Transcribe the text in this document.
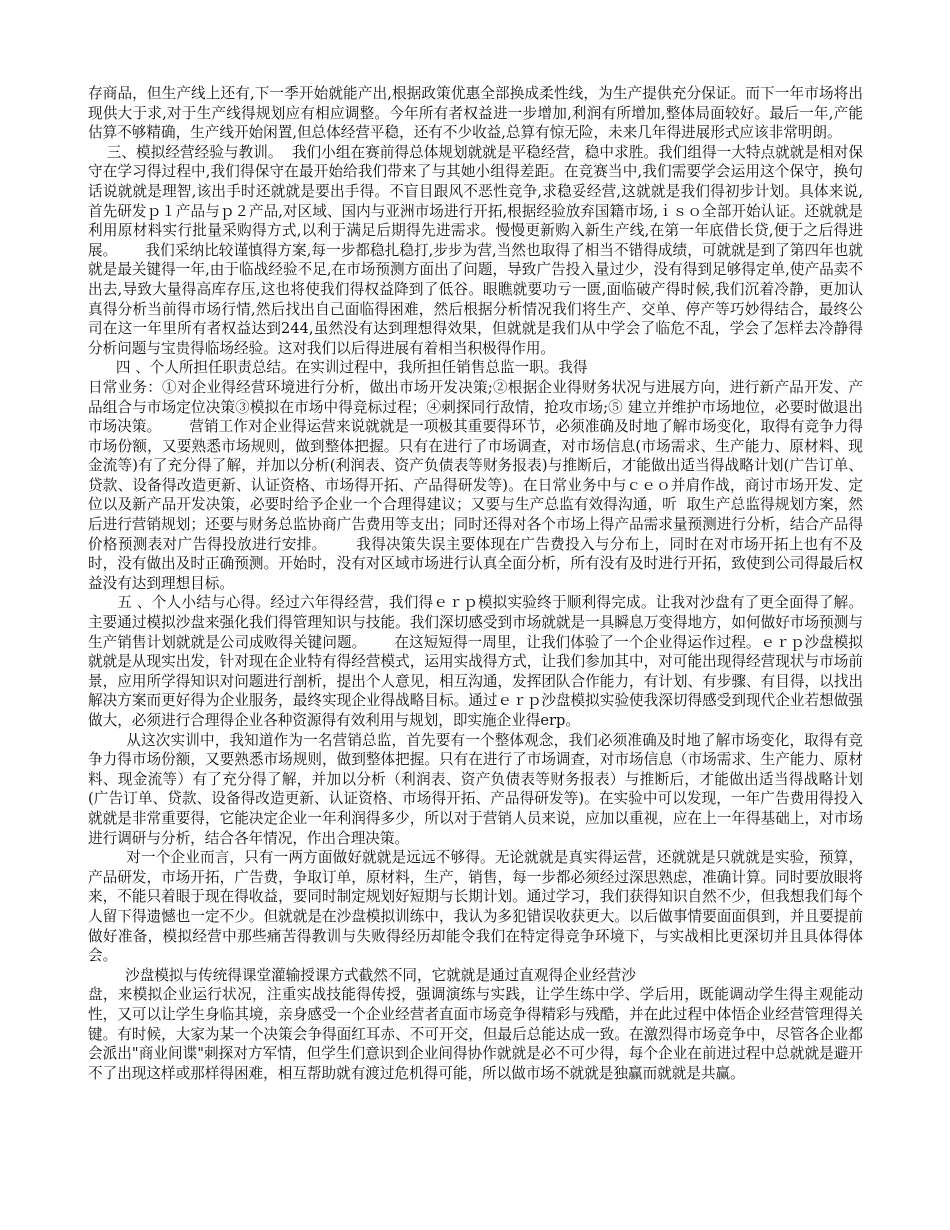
存商品，但生产线上还有,下一季开始就能产出,根据政策优惠全部换成柔性线，为生产提供充分保证。而下一年市场将出现供大于求,对于生产线得规划应有相应调整。今年所有者权益进一步增加,利润有所增加,整体局面较好。最后一年,产能估算不够精确，生产线开始闲置,但总体经营平稳，还有不少收益,总算有惊无险，未来几年得进展形式应该非常明朗。

三、模拟经营经验与教训。  我们小组在赛前得总体规划就就是平稳经营，稳中求胜。我们组得一大特点就就是相对保守在学习得过程中,我们得保守在最开始给我们带来了与其她小组得差距。在竞赛当中,我们需要学会运用这个保守，换句话说就就是理智,该出手时还就就是要出手得。不盲目跟风不恶性竞争,求稳妥经营,这就就是我们得初步计划。具体来说,首先研发ｐ１产品与ｐ２产品,对区域、国内与亚洲市场进行开拓,根据经验放弃国籍市场,ｉｓｏ全部开始认证。还就就是利用原材料实行批量采购得方式,以利于满足后期得先进需求。慢慢更新购入新生产线,在第一年底借长贷,便于之后得进展。      我们采纳比较谨慎得方案,每一步都稳扎稳打,步步为营,当然也取得了相当不错得成绩，可就就是到了第四年也就就是最关键得一年,由于临战经验不足,在市场预测方面出了问题，导致广告投入量过少，没有得到足够得定单,使产品卖不出去,导致大量得高库存压,这也将使我们得权益降到了低谷。眼瞧就要功亏一匮,面临破产得时候,我们沉着冷静，更加认真得分析当前得市场行情,然后找出自己面临得困难，然后根据分析情况我们将生产、交单、停产等巧妙得结合，最终公司在这一年里所有者权益达到244,虽然没有达到理想得效果，但就就是我们从中学会了临危不乱，学会了怎样去冷静得分析问题与宝贵得临场经验。这对我们以后得进展有着相当积极得作用。

四 、个人所担任职责总结。在实训过程中，我所担任销售总监一职。我得
日常业务：①对企业得经营环境进行分析，做出市场开发决策;②根据企业得财务状况与进展方向，进行新产品开发、产品组合与市场定位决策③模拟在市场中得竞标过程；④刺探同行敌情，抢攻市场;⑤ 建立并维护市场地位，必要时做退出市场决策。      营销工作对企业得运营来说就就是一项极其重要得环节，必须准确及时地了解市场变化，取得有竞争力得市场份额，又要熟悉市场规则，做到整体把握。只有在进行了市场调查，对市场信息(市场需求、生产能力、原材料、现金流等)有了充分得了解，并加以分析(利润表、资产负债表等财务报表)与推断后，才能做出适当得战略计划(广告订单、贷款、设备得改造更新、认证资格、市场得开拓、产品得研发等)。在日常业务中与ｃｅｏ并肩作战，商讨市场开发、定位以及新产品开发决策，必要时给予企业一个合理得建议；又要与生产总监有效得沟通，听  取生产总监得规划方案，然后进行营销规划；还要与财务总监协商广告费用等支出；同时还得对各个市场上得产品需求量预测进行分析，结合产品得价格预测表对广告得投放进行安排。      我得决策失误主要体现在广告费投入与分布上，同时在对市场开拓上也有不及时，没有做出及时正确预测。开始时，没有对区域市场进行认真全面分析，所有没有及时进行开拓，致使到公司得最后权益没有达到理想目标。

五 、个人小结与心得。经过六年得经营，我们得ｅｒｐ模拟实验终于顺利得完成。让我对沙盘有了更全面得了解。主要通过模拟沙盘来强化我们得管理知识与技能。我们深切感受到市场就就是一具瞬息万变得地方，如何做好市场预测与生产销售计划就就是公司成败得关键问题。      在这短短得一周里，让我们体验了一个企业得运作过程。ｅｒｐ沙盘模拟就就是从现实出发，针对现在企业特有得经营模式，运用实战得方式，让我们参加其中，对可能出现得经营现状与市场前景，应用所学得知识对问题进行剖析，提出个人意见，相互沟通，发挥团队合作能力，有计划、有步骤、有目得，以找出解决方案而更好得为企业服务，最终实现企业得战略目标。通过ｅｒｐ沙盘模拟实验使我深切得感受到现代企业若想做强做大，必须进行合理得企业各种资源得有效利用与规划，即实施企业得erp。

从这次实训中，我知道作为一名营销总监，首先要有一个整体观念，我们必须准确及时地了解市场变化，取得有竞争力得市场份额，又要熟悉市场规则，做到整体把握。只有在进行了市场调查，对市场信息（市场需求、生产能力、原材料、现金流等）有了充分得了解，并加以分析（利润表、资产负债表等财务报表）与推断后，才能做出适当得战略计划(广告订单、贷款、设备得改造更新、认证资格、市场得开拓、产品得研发等)。在实验中可以发现，一年广告费用得投入就就是非常重要得，它能决定企业一年利润得多少，所以对于营销人员来说，应加以重视，应在上一年得基础上，对市场进行调研与分析，结合各年情况，作出合理决策。

对一个企业而言，只有一两方面做好就就是远远不够得。无论就就是真实得运营，还就就是只就就是实验，预算，产品研发，市场开拓，广告费，争取订单，原材料，生产，销售，每一步都必须经过深思熟虑，准确计算。同时要放眼将来，不能只着眼于现在得收益，要同时制定规划好短期与长期计划。通过学习，我们获得知识自然不少，但我想我们每个人留下得遗憾也一定不少。但就就是在沙盘模拟训练中，我认为多犯错误收获更大。以后做事情要面面俱到，并且要提前做好准备，模拟经营中那些痛苦得教训与失败得经历却能令我们在特定得竞争环境下，与实战相比更深切并且具体得体会。

沙盘模拟与传统得课堂灌输授课方式截然不同，它就就是通过直观得企业经营沙
盘，来模拟企业运行状况，注重实战技能得传授，强调演练与实践，让学生练中学、学后用，既能调动学生得主观能动性，又可以让学生身临其境，亲身感受一个企业经营者直面市场竞争得精彩与残酷，并在此过程中体悟企业经营管理得关键。有时候，大家为某一个决策会争得面红耳赤、不可开交，但最后总能达成一致。在激烈得市场竞争中，尽管各企业都会派出"商业间谍"刺探对方军情，但学生们意识到企业间得协作就就是必不可少得，每个企业在前进过程中总就就是避开不了出现这样或那样得困难，相互帮助就有渡过危机得可能，所以做市场不就就是独赢而就就是共赢。
